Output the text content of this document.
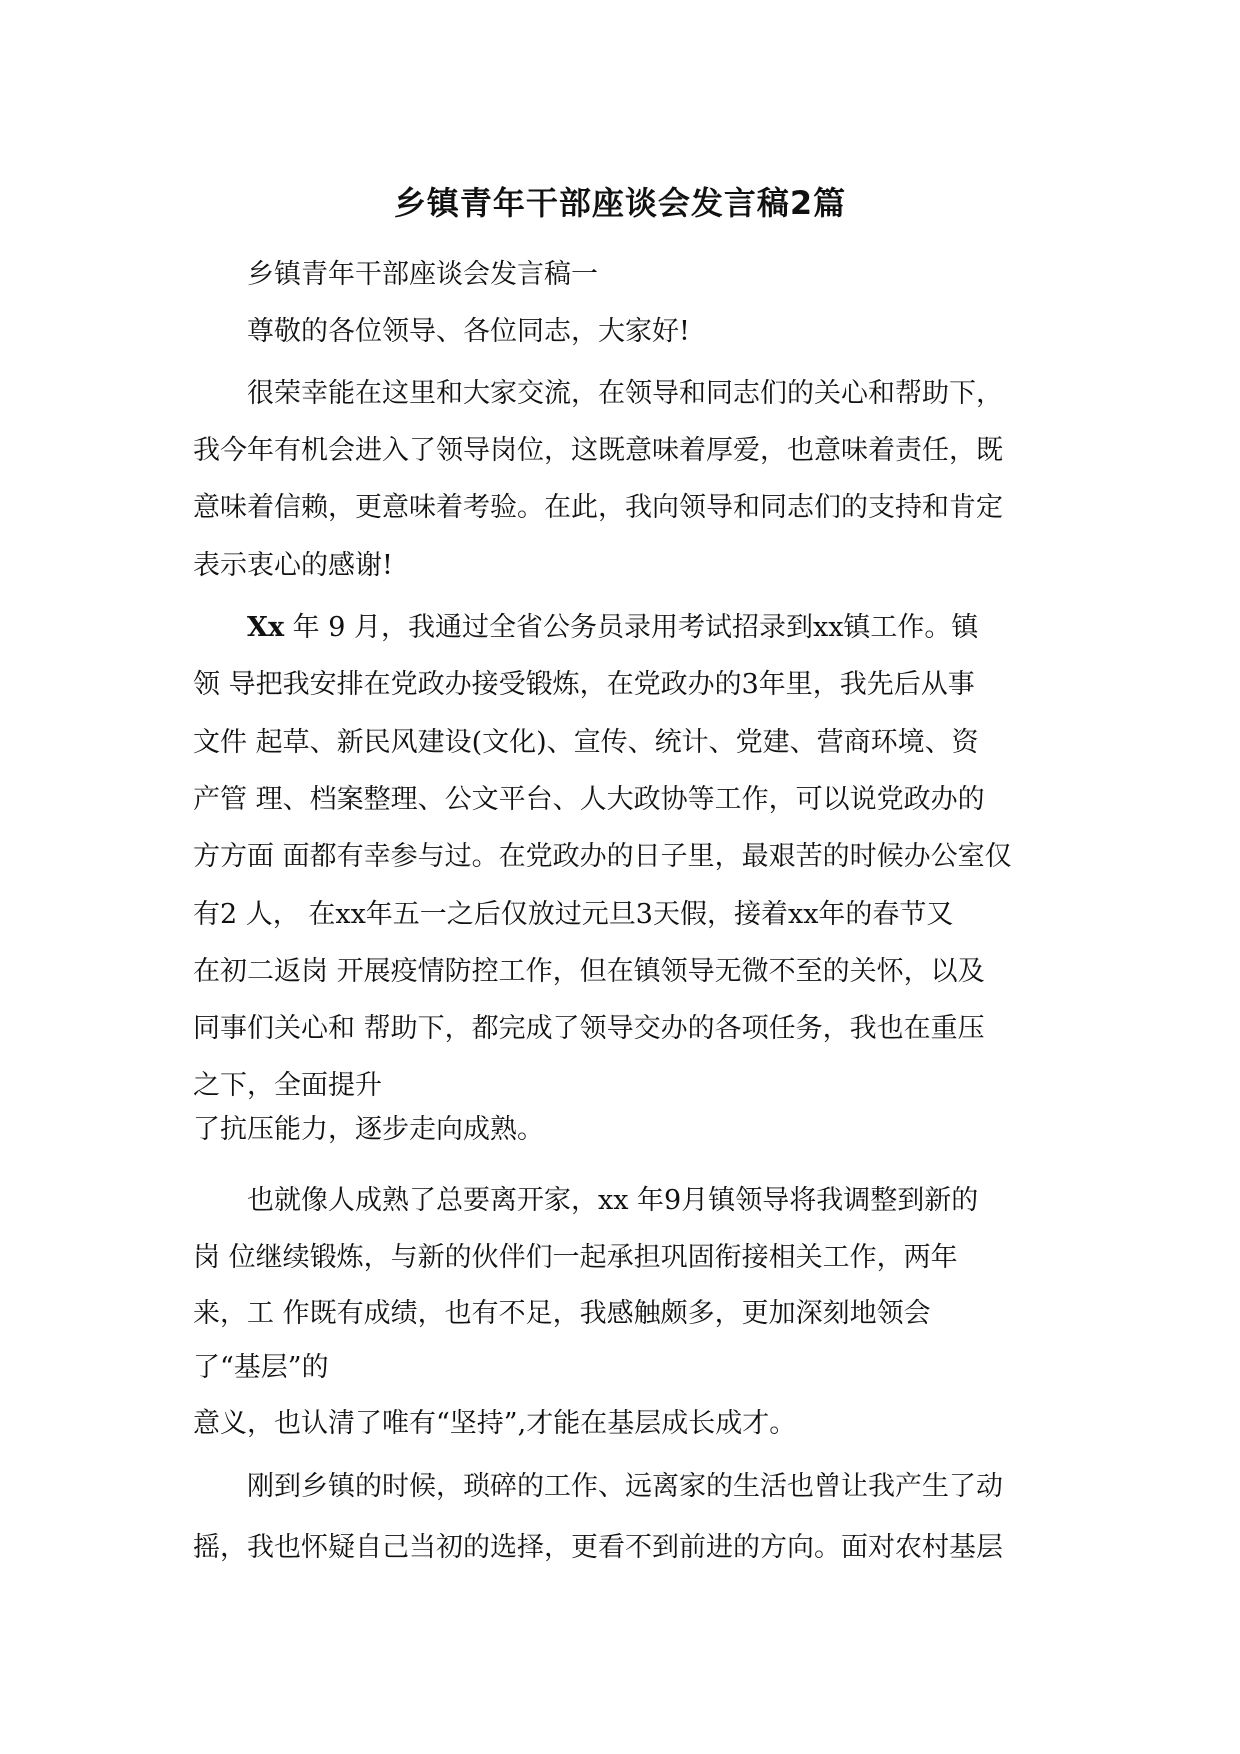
乡镇青年干部座谈会发言稿2篇
乡镇青年干部座谈会发言稿一
尊敬的各位领导、各位同志，大家好!
很荣幸能在这里和大家交流，在领导和同志们的关心和帮助下，
我今年有机会进入了领导岗位，这既意味着厚爱，也意味着责任，既
意味着信赖，更意味着考验。在此，我向领导和同志们的支持和肯定
表示衷心的感谢!
Xx 年 9 月，我通过全省公务员录用考试招录到xx镇工作。镇
领 导把我安排在党政办接受锻炼，在党政办的3年里，我先后从事
文件 起草、新民风建设(文化)、宣传、统计、党建、营商环境、资
产管 理、档案整理、公文平台、人大政协等工作，可以说党政办的
方方面 面都有幸参与过。在党政办的日子里，最艰苦的时候办公室仅
有2 人， 在xx年五一之后仅放过元旦3天假，接着xx年的春节又
在初二返岗 开展疫情防控工作，但在镇领导无微不至的关怀，以及
同事们关心和 帮助下，都完成了领导交办的各项任务，我也在重压
之下，全面提升
了抗压能力，逐步走向成熟。
也就像人成熟了总要离开家，xx 年9月镇领导将我调整到新的
岗 位继续锻炼，与新的伙伴们一起承担巩固衔接相关工作，两年
来，工 作既有成绩，也有不足，我感触颇多，更加深刻地领会
了“基层”的
意义，也认清了唯有“坚持”,才能在基层成长成才。
刚到乡镇的时候，琐碎的工作、远离家的生活也曾让我产生了动
摇，我也怀疑自己当初的选择，更看不到前进的方向。面对农村基层
